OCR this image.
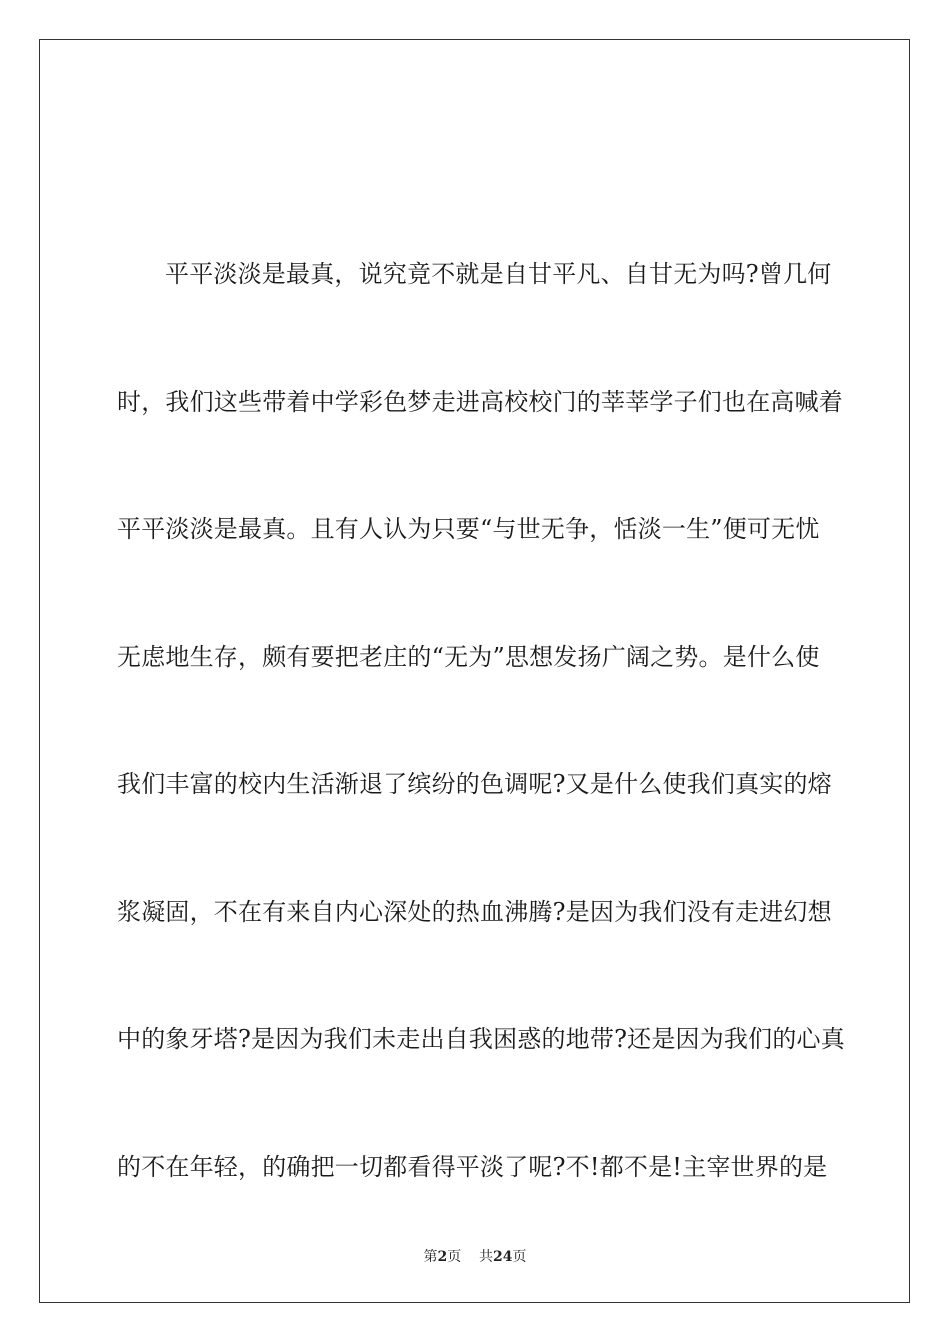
平平淡淡是最真，说究竟不就是自甘平凡、自甘无为吗?曾几何
时，我们这些带着中学彩色梦走进高校校门的莘莘学子们也在高喊着
平平淡淡是最真。且有人认为只要“与世无争，恬淡一生”便可无忧
无虑地生存，颇有要把老庄的“无为”思想发扬广阔之势。是什么使
我们丰富的校内生活渐退了缤纷的色调呢?又是什么使我们真实的熔
浆凝固，不在有来自内心深处的热血沸腾?是因为我们没有走进幻想
中的象牙塔?是因为我们未走出自我困惑的地带?还是因为我们的心真
的不在年轻，的确把一切都看得平淡了呢?不!都不是!主宰世界的是
第2页 共24页
